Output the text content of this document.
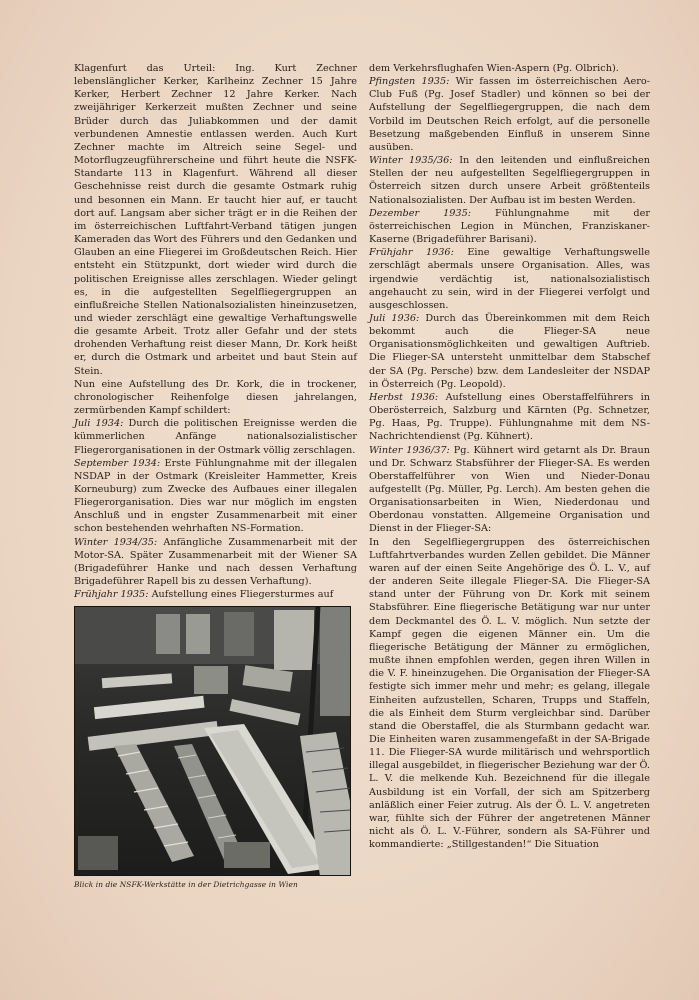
Klagenfurt das Urteil: Ing. Kurt Zechner lebenslänglicher Kerker, Karlheinz Zechner 15 Jahre Kerker, Herbert Zechner 12 Jahre Kerker. Nach zweijähriger Kerkerzeit mußten Zechner und seine Brüder durch das Juliabkommen und der damit verbundenen Amnestie entlassen werden. Auch Kurt Zechner machte im Altreich seine Segel- und Motorflugzeugführerscheine und führt heute die NSFK-Standarte 113 in Klagenfurt. Während all dieser Geschehnisse reist durch die gesamte Ostmark ruhig und besonnen ein Mann. Er taucht hier auf, er taucht dort auf. Langsam aber sicher trägt er in die Reihen der im österreichischen Luftfahrt-Verband tätigen jungen Kameraden das Wort des Führers und den Gedanken und Glauben an eine Fliegerei im Großdeutschen Reich. Hier entsteht ein Stützpunkt, dort wieder wird durch die politischen Ereignisse alles zerschlagen. Wieder gelingt es, in die aufgestellten Segelfliegergruppen an einflußreiche Stellen Nationalsozialisten hineinzusetzen, und wieder zerschlägt eine gewaltige Verhaftungswelle die gesamte Arbeit. Trotz aller Gefahr und der stets drohenden Verhaftung reist dieser Mann, Dr. Kork heißt er, durch die Ostmark und arbeitet und baut Stein auf Stein.

Nun eine Aufstellung des Dr. Kork, die in trockener, chronologischer Reihenfolge diesen jahrelangen, zermürbenden Kampf schildert:

Juli 1934: Durch die politischen Ereignisse werden die kümmerlichen Anfänge nationalsozialistischer Fliegerorganisationen in der Ostmark völlig zerschlagen.

September 1934: Erste Fühlungnahme mit der illegalen NSDAP in der Ostmark (Kreisleiter Hammetter, Kreis Korneuburg) zum Zwecke des Aufbaues einer illegalen Fliegerorganisation. Dies war nur möglich im engsten Anschluß und in engster Zusammenarbeit mit einer schon bestehenden wehrhaften NS-Formation.

Winter 1934/35: Anfängliche Zusammenarbeit mit der Motor-SA. Später Zusammenarbeit mit der Wiener SA (Brigadeführer Hanke und nach dessen Verhaftung Brigadeführer Rapell bis zu dessen Verhaftung).

Frühjahr 1935: Aufstellung eines Fliegersturmes auf

Blick in die NSFK-Werkstätte in der Dietrichgasse in Wien

dem Verkehrsflughafen Wien-Aspern (Pg. Olbrich).

Pfingsten 1935: Wir fassen im österreichischen Aero-Club Fuß (Pg. Josef Stadler) und können so bei der Aufstellung der Segelfliegergruppen, die nach dem Vorbild im Deutschen Reich erfolgt, auf die personelle Besetzung maßgebenden Einfluß in unserem Sinne ausüben.

Winter 1935/36: In den leitenden und einflußreichen Stellen der neu aufgestellten Segelfliegergruppen in Österreich sitzen durch unsere Arbeit größtenteils Nationalsozialisten. Der Aufbau ist im besten Werden.

Dezember 1935: Fühlungnahme mit der österreichischen Legion in München, Franziskaner-Kaserne (Brigadeführer Barisani).

Frühjahr 1936: Eine gewaltige Verhaftungswelle zerschlägt abermals unsere Organisation. Alles, was irgendwie verdächtig ist, nationalsozialistisch angehaucht zu sein, wird in der Fliegerei verfolgt und ausgeschlossen.

Juli 1936: Durch das Übereinkommen mit dem Reich bekommt auch die Flieger-SA neue Organisationsmöglichkeiten und gewaltigen Auftrieb. Die Flieger-SA untersteht unmittelbar dem Stabschef der SA (Pg. Persche) bzw. dem Landesleiter der NSDAP in Österreich (Pg. Leopold).

Herbst 1936: Aufstellung eines Oberstaffelführers in Oberösterreich, Salzburg und Kärnten (Pg. Schnetzer, Pg. Haas, Pg. Truppe). Fühlungnahme mit dem NS-Nachrichtendienst (Pg. Kühnert).

Winter 1936/37: Pg. Kühnert wird getarnt als Dr. Braun und Dr. Schwarz Stabsführer der Flieger-SA. Es werden Oberstaffelführer von Wien und Nieder-Donau aufgestellt (Pg. Müller, Pg. Lerch). Am besten gehen die Organisationsarbeiten in Wien, Niederdonau und Oberdonau vonstatten. Allgemeine Organisation und Dienst in der Flieger-SA:

In den Segelfliegergruppen des österreichischen Luftfahrtverbandes wurden Zellen gebildet. Die Männer waren auf der einen Seite Angehörige des Ö. L. V., auf der anderen Seite illegale Flieger-SA. Die Flieger-SA stand unter der Führung von Dr. Kork mit seinem Stabsführer. Eine fliegerische Betätigung war nur unter dem Deckmantel des Ö. L. V. möglich. Nun setzte der Kampf gegen die eigenen Männer ein. Um die fliegerische Betätigung der Männer zu ermöglichen, mußte ihnen empfohlen werden, gegen ihren Willen in die V. F. hineinzugehen. Die Organisation der Flieger-SA festigte sich immer mehr und mehr; es gelang, illegale Einheiten aufzustellen, Scharen, Trupps und Staffeln, die als Einheit dem Sturm vergleichbar sind. Darüber stand die Oberstaffel, die als Sturmbann gedacht war. Die Einheiten waren zusammengefaßt in der SA-Brigade 11. Die Flieger-SA wurde militärisch und wehrsportlich illegal ausgebildet, in fliegerischer Beziehung war der Ö. L. V. die melkende Kuh. Bezeichnend für die illegale Ausbildung ist ein Vorfall, der sich am Spitzerberg anläßlich einer Feier zutrug. Als der Ö. L. V. angetreten war, fühlte sich der Führer der angetretenen Männer nicht als Ö. L. V.-Führer, sondern als SA-Führer und kommandierte: „Stillgestanden!“ Die Situation
